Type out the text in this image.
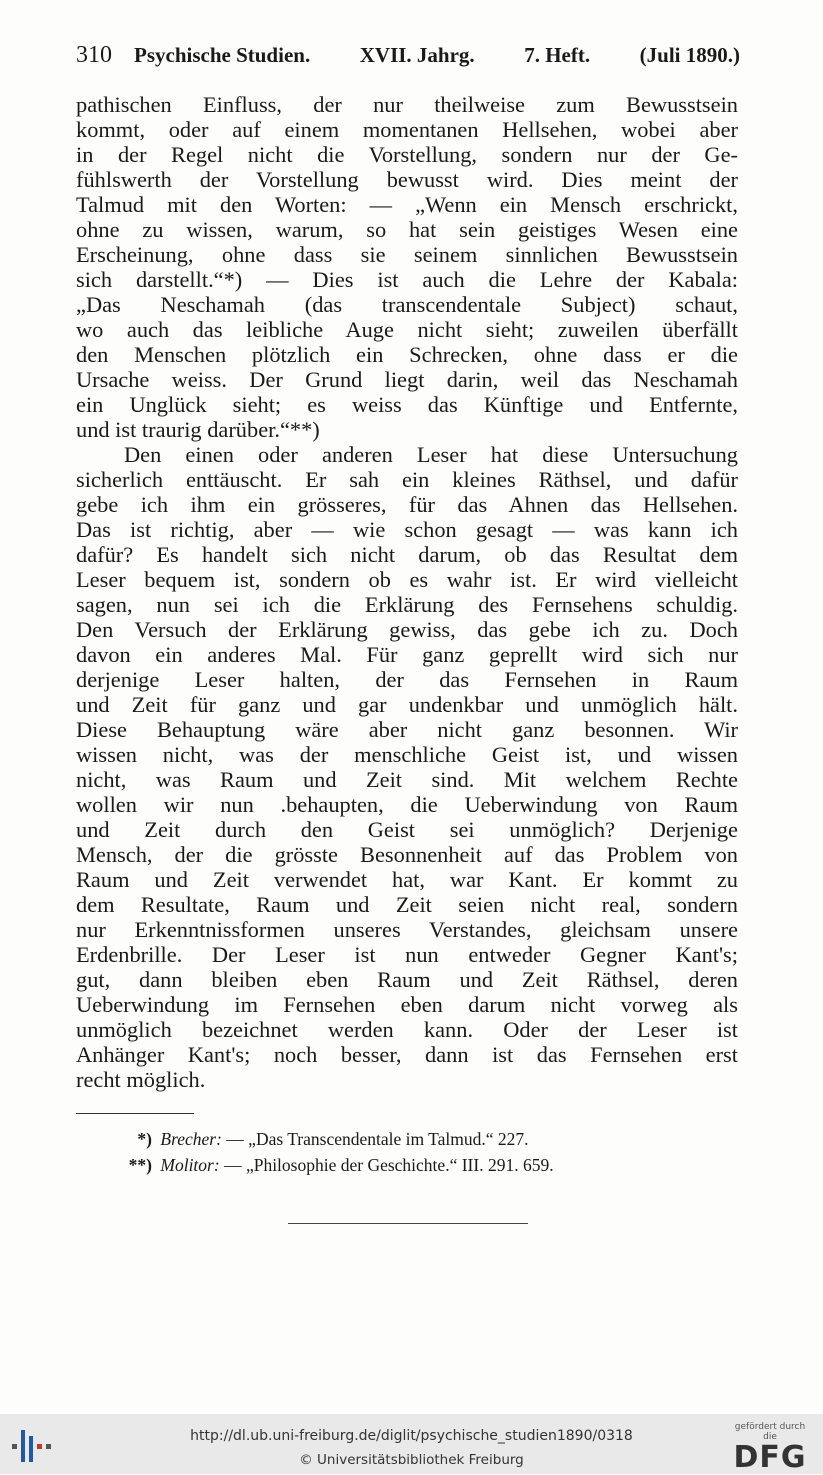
310 Psychische Studien. XVII. Jahrg. 7. Heft. (Juli 1890.)
pathischen Einfluss, der nur theilweise zum Bewusstsein
kommt, oder auf einem momentanen Hellsehen, wobei aber
in der Regel nicht die Vorstellung, sondern nur der Ge-
fühlswerth der Vorstellung bewusst wird. Dies meint der
Talmud mit den Worten: — „Wenn ein Mensch erschrickt,
ohne zu wissen, warum, so hat sein geistiges Wesen eine
Erscheinung, ohne dass sie seinem sinnlichen Bewusstsein
sich darstellt.“*) — Dies ist auch die Lehre der Kabala:
„Das Neschamah (das transcendentale Subject) schaut,
wo auch das leibliche Auge nicht sieht; zuweilen überfällt
den Menschen plötzlich ein Schrecken, ohne dass er die
Ursache weiss. Der Grund liegt darin, weil das Neschamah
ein Unglück sieht; es weiss das Künftige und Entfernte,
und ist traurig darüber.“**)
Den einen oder anderen Leser hat diese Untersuchung
sicherlich enttäuscht. Er sah ein kleines Räthsel, und dafür
gebe ich ihm ein grösseres, für das Ahnen das Hellsehen.
Das ist richtig, aber — wie schon gesagt — was kann ich
dafür? Es handelt sich nicht darum, ob das Resultat dem
Leser bequem ist, sondern ob es wahr ist. Er wird vielleicht
sagen, nun sei ich die Erklärung des Fernsehens schuldig.
Den Versuch der Erklärung gewiss, das gebe ich zu. Doch
davon ein anderes Mal. Für ganz geprellt wird sich nur
derjenige Leser halten, der das Fernsehen in Raum
und Zeit für ganz und gar undenkbar und unmöglich hält.
Diese Behauptung wäre aber nicht ganz besonnen. Wir
wissen nicht, was der menschliche Geist ist, und wissen
nicht, was Raum und Zeit sind. Mit welchem Rechte
wollen wir nun .behaupten, die Ueberwindung von Raum
und Zeit durch den Geist sei unmöglich? Derjenige
Mensch, der die grösste Besonnenheit auf das Problem von
Raum und Zeit verwendet hat, war Kant. Er kommt zu
dem Resultate, Raum und Zeit seien nicht real, sondern
nur Erkenntnissformen unseres Verstandes, gleichsam unsere
Erdenbrille. Der Leser ist nun entweder Gegner Kant's;
gut, dann bleiben eben Raum und Zeit Räthsel, deren
Ueberwindung im Fernsehen eben darum nicht vorweg als
unmöglich bezeichnet werden kann. Oder der Leser ist
Anhänger Kant's; noch besser, dann ist das Fernsehen erst
recht möglich.
*) Brecher: — „Das Transcendentale im Talmud.“ 227.
**) Molitor: — „Philosophie der Geschichte.“ III. 291. 659.
http://dl.ub.uni-freiburg.de/diglit/psychische_studien1890/0318
© Universitätsbibliothek Freiburg
gefördert durch die
DFG
